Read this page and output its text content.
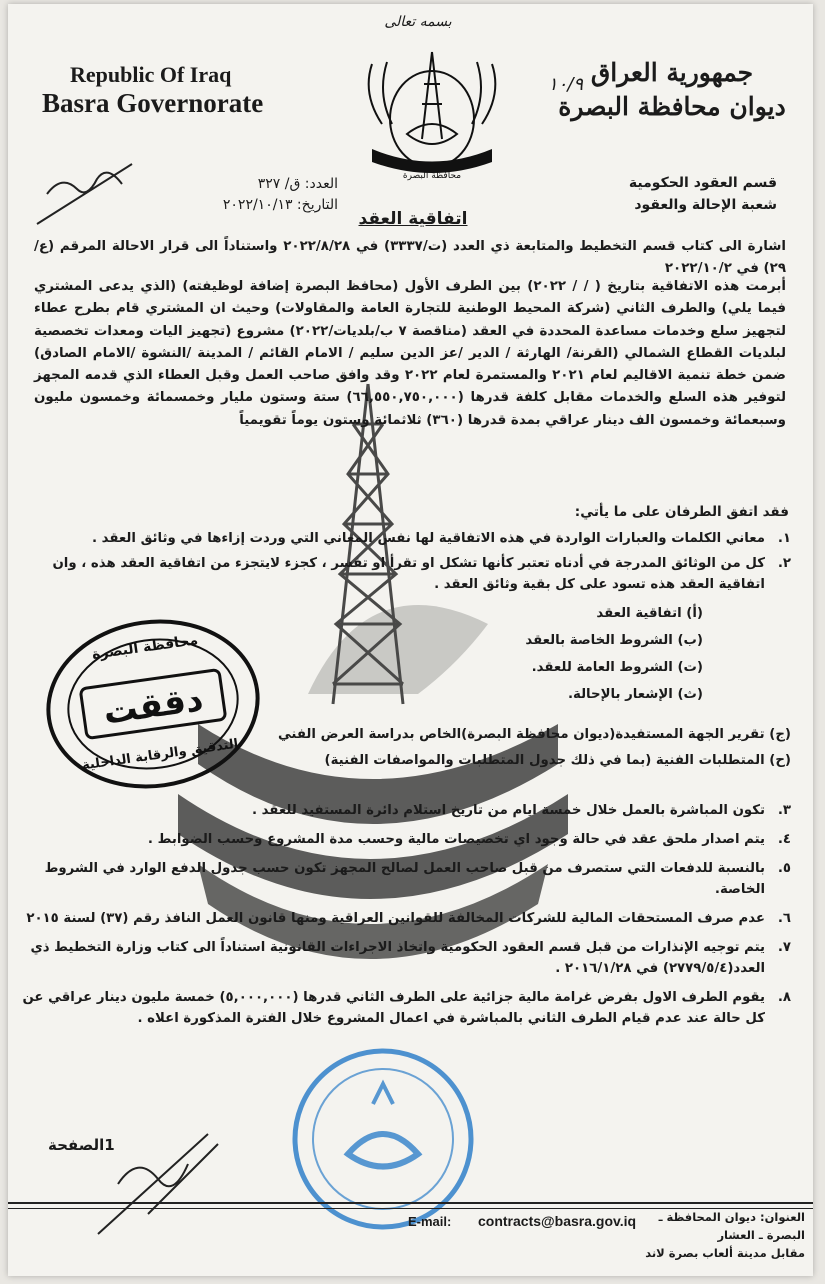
بسمه تعالى
Republic Of Iraq
Basra Governorate
محافظة البصرة
١٠/٩ جمهورية العراق
ديوان محافظة البصرة
قسم العقود الحكومية
شعبة الإحالة والعقود
العدد: ق/ ٣٢٧
التاريخ: ٢٠٢٢/١٠/١٣
اتفاقية العقد
اشارة الى كتاب قسم التخطيط والمتابعة ذي العدد (ت/٣٣٣٧) في ٢٠٢٢/٨/٢٨ واستناداً الى قرار الاحالة المرقم (ع/٢٩) في ٢٠٢٢/١٠/٢
أبرمت هذه الاتفاقية بتاريخ ( / / ٢٠٢٢) بين الطرف الأول (محافظ البصرة إضافة لوظيفته) (الذي يدعى المشتري فيما يلي) والطرف الثاني (شركة المحيط الوطنية للتجارة العامة والمقاولات) وحيث ان المشتري قام بطرح عطاء لتجهيز سلع وخدمات مساعدة المحددة في العقد (مناقصة ٧ ب/بلديات/٢٠٢٢) مشروع (تجهيز اليات ومعدات تخصصية لبلديات القطاع الشمالي (القرنة/ الهارثة / الدير /عز الدين سليم / الامام القائم / المدينة /النشوة /الامام الصادق) ضمن خطة تنمية الاقاليم لعام ٢٠٢١ والمستمرة لعام ٢٠٢٢ وقد وافق صاحب العمل وقبل العطاء الذي قدمه المجهز لتوفير هذه السلع والخدمات مقابل كلفة قدرها (٦٦,٥٥٠,٧٥٠,٠٠٠) ستة وستون مليار وخمسمائة وخمسون مليون وسبعمائة وخمسون الف دينار عراقي بمدة قدرها (٣٦٠) ثلاثمائة وستون يوماً تقويمياً
فقد اتفق الطرفان على ما يأتي:
١.
معاني الكلمات والعبارات الواردة في هذه الاتفاقية لها نفس المعاني التي وردت إزاءها في وثائق العقد .
٢.
كل من الوثائق المدرجة في أدناه تعتبر كأنها تشكل او تقرأ او تفسر ، كجزء لايتجزء من اتفاقية العقد هذه ، وان اتفاقية العقد هذه تسود على كل بقية وثائق العقد .
(أ) اتفاقية العقد
(ب) الشروط الخاصة بالعقد
(ت) الشروط العامة للعقد.
(ث) الإشعار بالإحالة.
(ج) تقرير الجهة المستفيدة(ديوان محافظة البصرة)الخاص بدراسة العرض الفني
(ح) المتطلبات الفنية (بما في ذلك جدول المتطلبات والمواصفات الفنية)
٣.
تكون المباشرة بالعمل خلال خمسة ايام من تاريخ استلام دائرة المستفيد للعقد .
٤.
يتم اصدار ملحق عقد في حالة وجود اي تخصيصات مالية وحسب مدة المشروع وحسب الضوابط .
٥.
بالنسبة للدفعات التي ستصرف من قبل صاحب العمل لصالح المجهز تكون حسب جدول الدفع الوارد في الشروط الخاصة.
٦.
عدم صرف المستحقات المالية للشركات المخالفة للقوانين العراقية ومنها قانون العمل النافذ رقم (٣٧) لسنة ٢٠١٥
٧.
يتم توجيه الإنذارات من قبل قسم العقود الحكومية واتخاذ الاجراءات القانونية استناداً الى كتاب وزارة التخطيط ذي العدد(٢٧٧٩/٥/٤) في ٢٠١٦/١/٢٨ .
٨.
يقوم الطرف الاول بفرض غرامة مالية جزائية على الطرف الثاني قدرها (٥,٠٠٠,٠٠٠) خمسة مليون دينار عراقي عن كل حالة عند عدم قيام الطرف الثاني بالمباشرة في اعمال المشروع خلال الفترة المذكورة اعلاه .
دققت
محافظة البصرة
التدقيق والرقابة الداخلية
1الصفحة
E-mail: contracts@basra.gov.iq	العنوان: ديوان المحافظة ـ البصرة ـ العشار
مقابل مدينة ألعاب بصرة لاند
